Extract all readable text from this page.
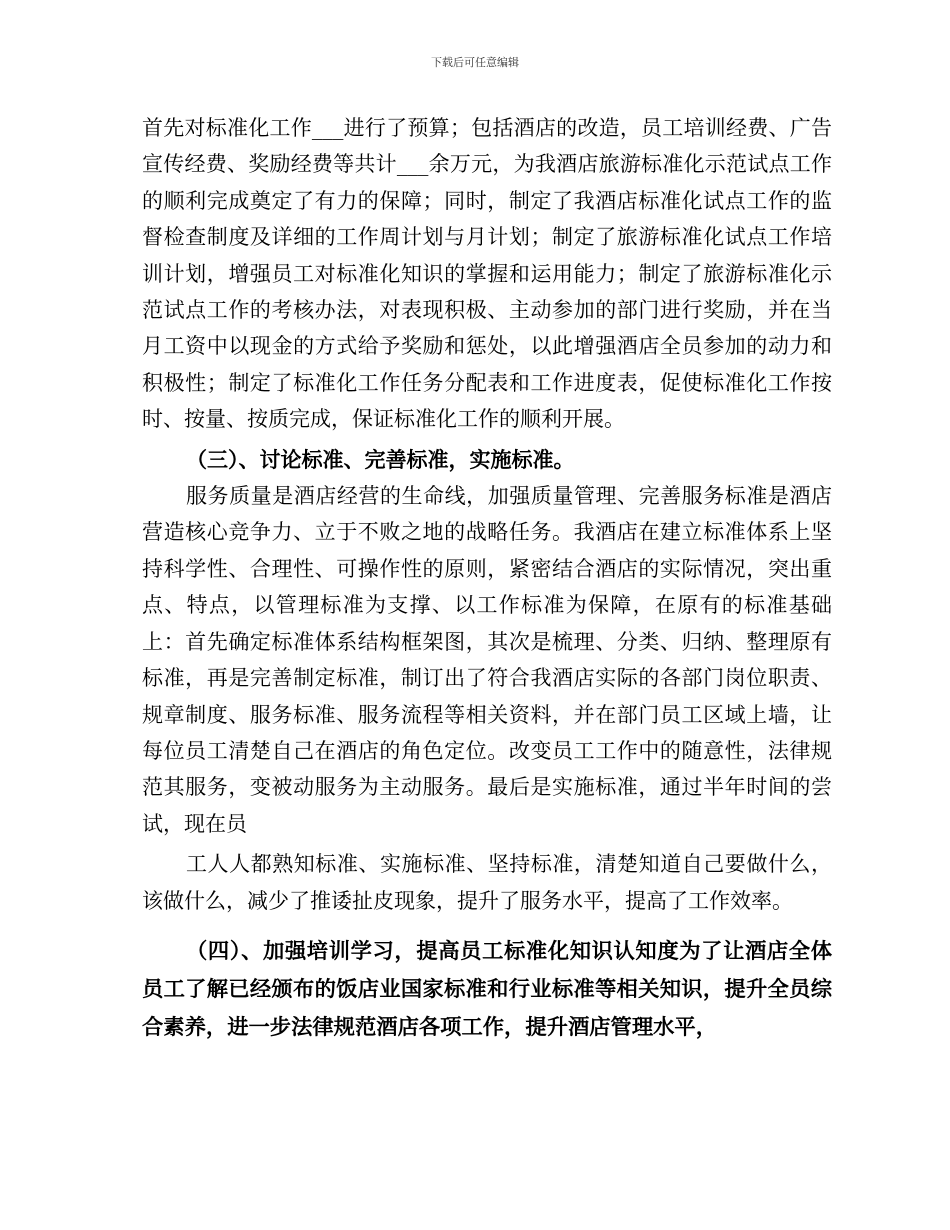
下载后可任意编辑

首先对标准化工作___进行了预算；包括酒店的改造，员工培训经费、广告宣传经费、奖励经费等共计___余万元，为我酒店旅游标准化示范试点工作的顺利完成奠定了有力的保障；同时，制定了我酒店标准化试点工作的监督检查制度及详细的工作周计划与月计划；制定了旅游标准化试点工作培训计划，增强员工对标准化知识的掌握和运用能力；制定了旅游标准化示范试点工作的考核办法，对表现积极、主动参加的部门进行奖励，并在当月工资中以现金的方式给予奖励和惩处，以此增强酒店全员参加的动力和积极性；制定了标准化工作任务分配表和工作进度表，促使标准化工作按时、按量、按质完成，保证标准化工作的顺利开展。

（三）、讨论标准、完善标准，实施标准。

服务质量是酒店经营的生命线，加强质量管理、完善服务标准是酒店营造核心竞争力、立于不败之地的战略任务。我酒店在建立标准体系上坚持科学性、合理性、可操作性的原则，紧密结合酒店的实际情况，突出重点、特点，以管理标准为支撑、以工作标准为保障，在原有的标准基础上：首先确定标准体系结构框架图，其次是梳理、分类、归纳、整理原有标准，再是完善制定标准，制订出了符合我酒店实际的各部门岗位职责、规章制度、服务标准、服务流程等相关资料，并在部门员工区域上墙，让每位员工清楚自己在酒店的角色定位。改变员工工作中的随意性，法律规范其服务，变被动服务为主动服务。最后是实施标准，通过半年时间的尝试，现在员

工人人都熟知标准、实施标准、坚持标准，清楚知道自己要做什么，该做什么，减少了推诿扯皮现象，提升了服务水平，提高了工作效率。

（四）、加强培训学习，提高员工标准化知识认知度为了让酒店全体员工了解已经颁布的饭店业国家标准和行业标准等相关知识，提升全员综合素养，进一步法律规范酒店各项工作，提升酒店管理水平，
